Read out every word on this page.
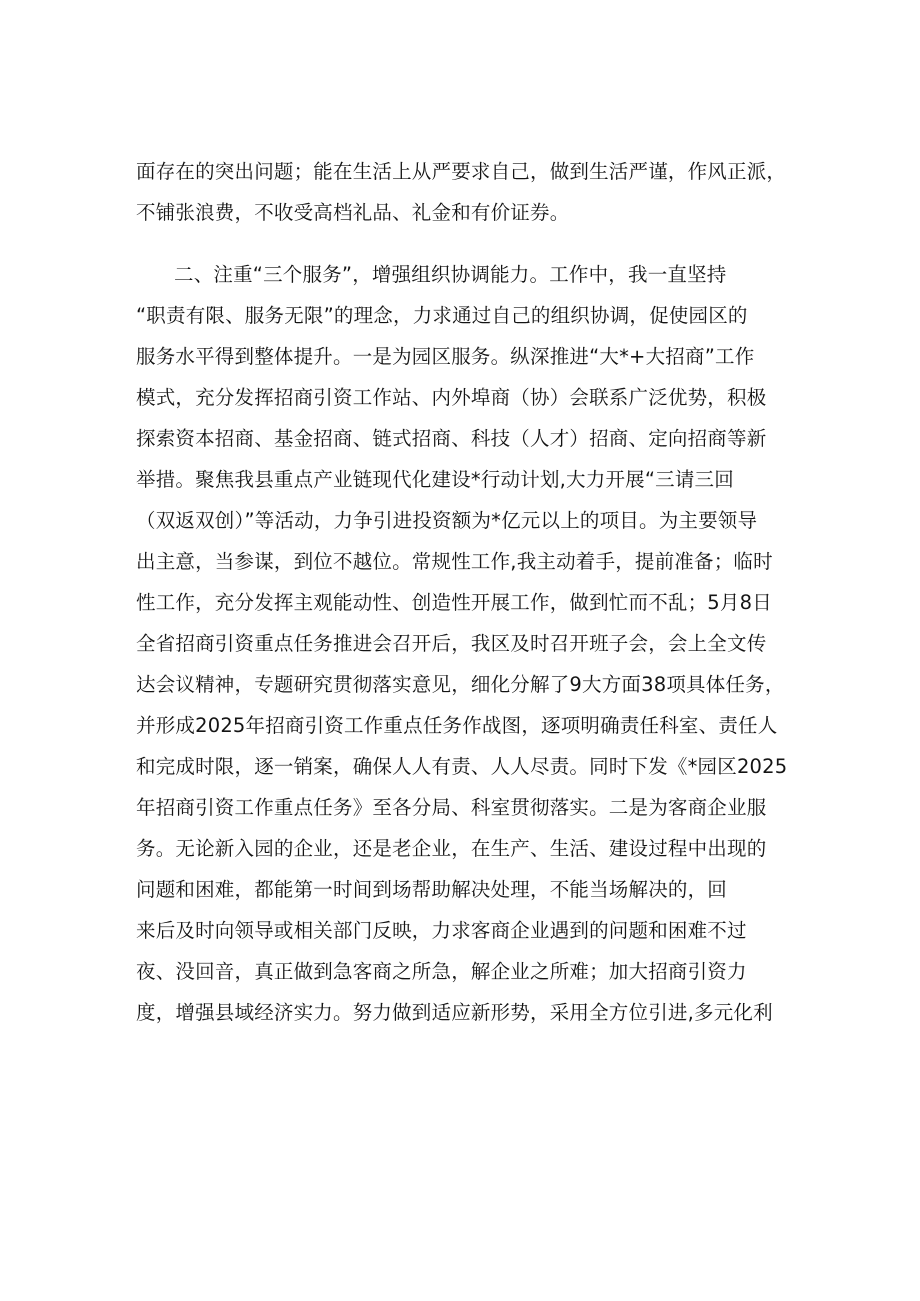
面存在的突出问题；能在生活上从严要求自己，做到生活严谨，作风正派，
不铺张浪费，不收受高档礼品、礼金和有价证券。
二、注重“三个服务”，增强组织协调能力。工作中，我一直坚持
“职责有限、服务无限”的理念，力求通过自己的组织协调，促使园区的
服务水平得到整体提升。一是为园区服务。纵深推进“大*+大招商”工作
模式，充分发挥招商引资工作站、内外埠商（协）会联系广泛优势，积极
探索资本招商、基金招商、链式招商、科技（人才）招商、定向招商等新
举措。聚焦我县重点产业链现代化建设*行动计划,大力开展“三请三回
（双返双创）”等活动，力争引进投资额为*亿元以上的项目。为主要领导
出主意，当参谋，到位不越位。常规性工作,我主动着手，提前准备；临时
性工作，充分发挥主观能动性、创造性开展工作，做到忙而不乱；5月8日
全省招商引资重点任务推进会召开后，我区及时召开班子会，会上全文传
达会议精神，专题研究贯彻落实意见，细化分解了9大方面38项具体任务，
并形成2025年招商引资工作重点任务作战图，逐项明确责任科室、责任人
和完成时限，逐一销案，确保人人有责、人人尽责。同时下发《*园区2025
年招商引资工作重点任务》至各分局、科室贯彻落实。二是为客商企业服
务。无论新入园的企业，还是老企业，在生产、生活、建设过程中出现的
问题和困难，都能第一时间到场帮助解决处理，不能当场解决的，回
来后及时向领导或相关部门反映，力求客商企业遇到的问题和困难不过
夜、没回音，真正做到急客商之所急，解企业之所难；加大招商引资力
度，增强县域经济实力。努力做到适应新形势，采用全方位引进,多元化利
